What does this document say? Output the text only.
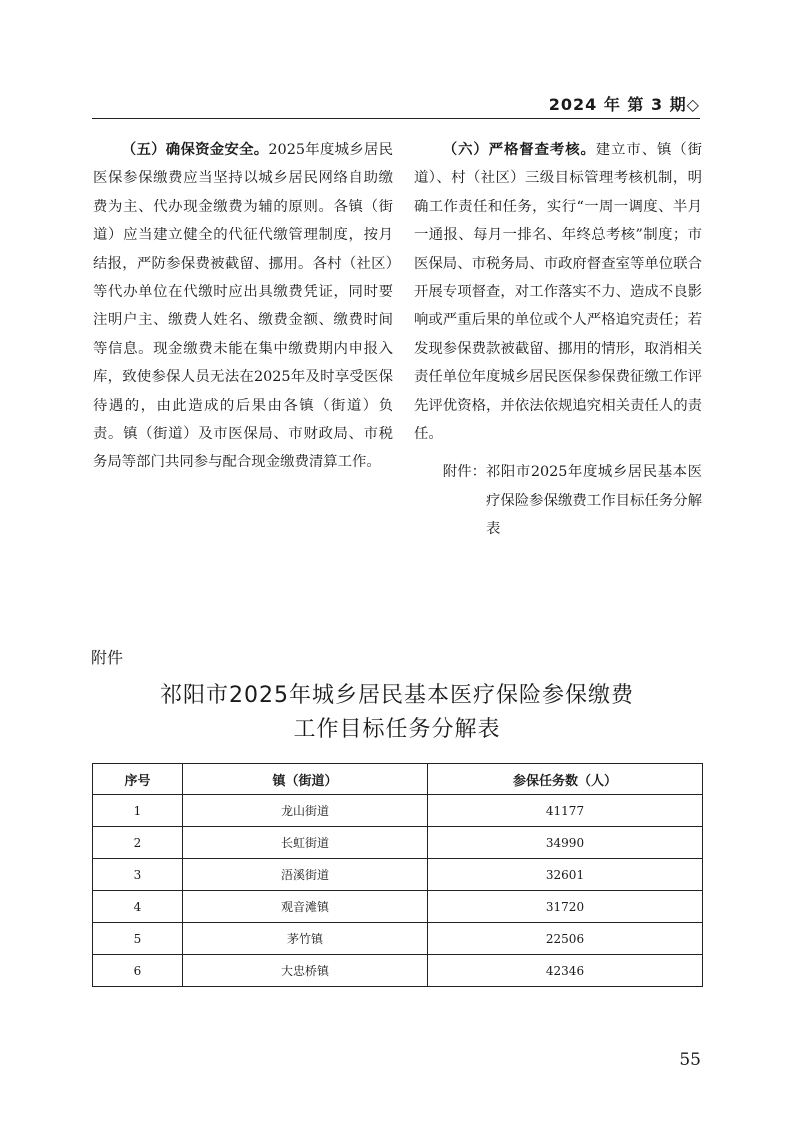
2024 年 第 3 期◇

（五）确保资金安全。2025年度城乡居民医保参保缴费应当坚持以城乡居民网络自助缴费为主、代办现金缴费为辅的原则。各镇（街道）应当建立健全的代征代缴管理制度，按月结报，严防参保费被截留、挪用。各村（社区）等代办单位在代缴时应出具缴费凭证，同时要注明户主、缴费人姓名、缴费金额、缴费时间等信息。现金缴费未能在集中缴费期内申报入库，致使参保人员无法在2025年及时享受医保待遇的，由此造成的后果由各镇（街道）负责。镇（街道）及市医保局、市财政局、市税务局等部门共同参与配合现金缴费清算工作。

（六）严格督查考核。建立市、镇（街道）、村（社区）三级目标管理考核机制，明确工作责任和任务，实行“一周一调度、半月一通报、每月一排名、年终总考核”制度；市医保局、市税务局、市政府督查室等单位联合开展专项督查，对工作落实不力、造成不良影响或严重后果的单位或个人严格追究责任；若发现参保费款被截留、挪用的情形，取消相关责任单位年度城乡居民医保参保费征缴工作评先评优资格，并依法依规追究相关责任人的责任。

附件： 祁阳市2025年度城乡居民基本医疗保险参保缴费工作目标任务分解表
附件
祁阳市2025年城乡居民基本医疗保险参保缴费
工作目标任务分解表
序号	镇（街道）	参保任务数（人）
1	龙山街道	41177
2	长虹街道	34990
3	浯溪街道	32601
4	观音滩镇	31720
5	茅竹镇	22506
6	大忠桥镇	42346
55
